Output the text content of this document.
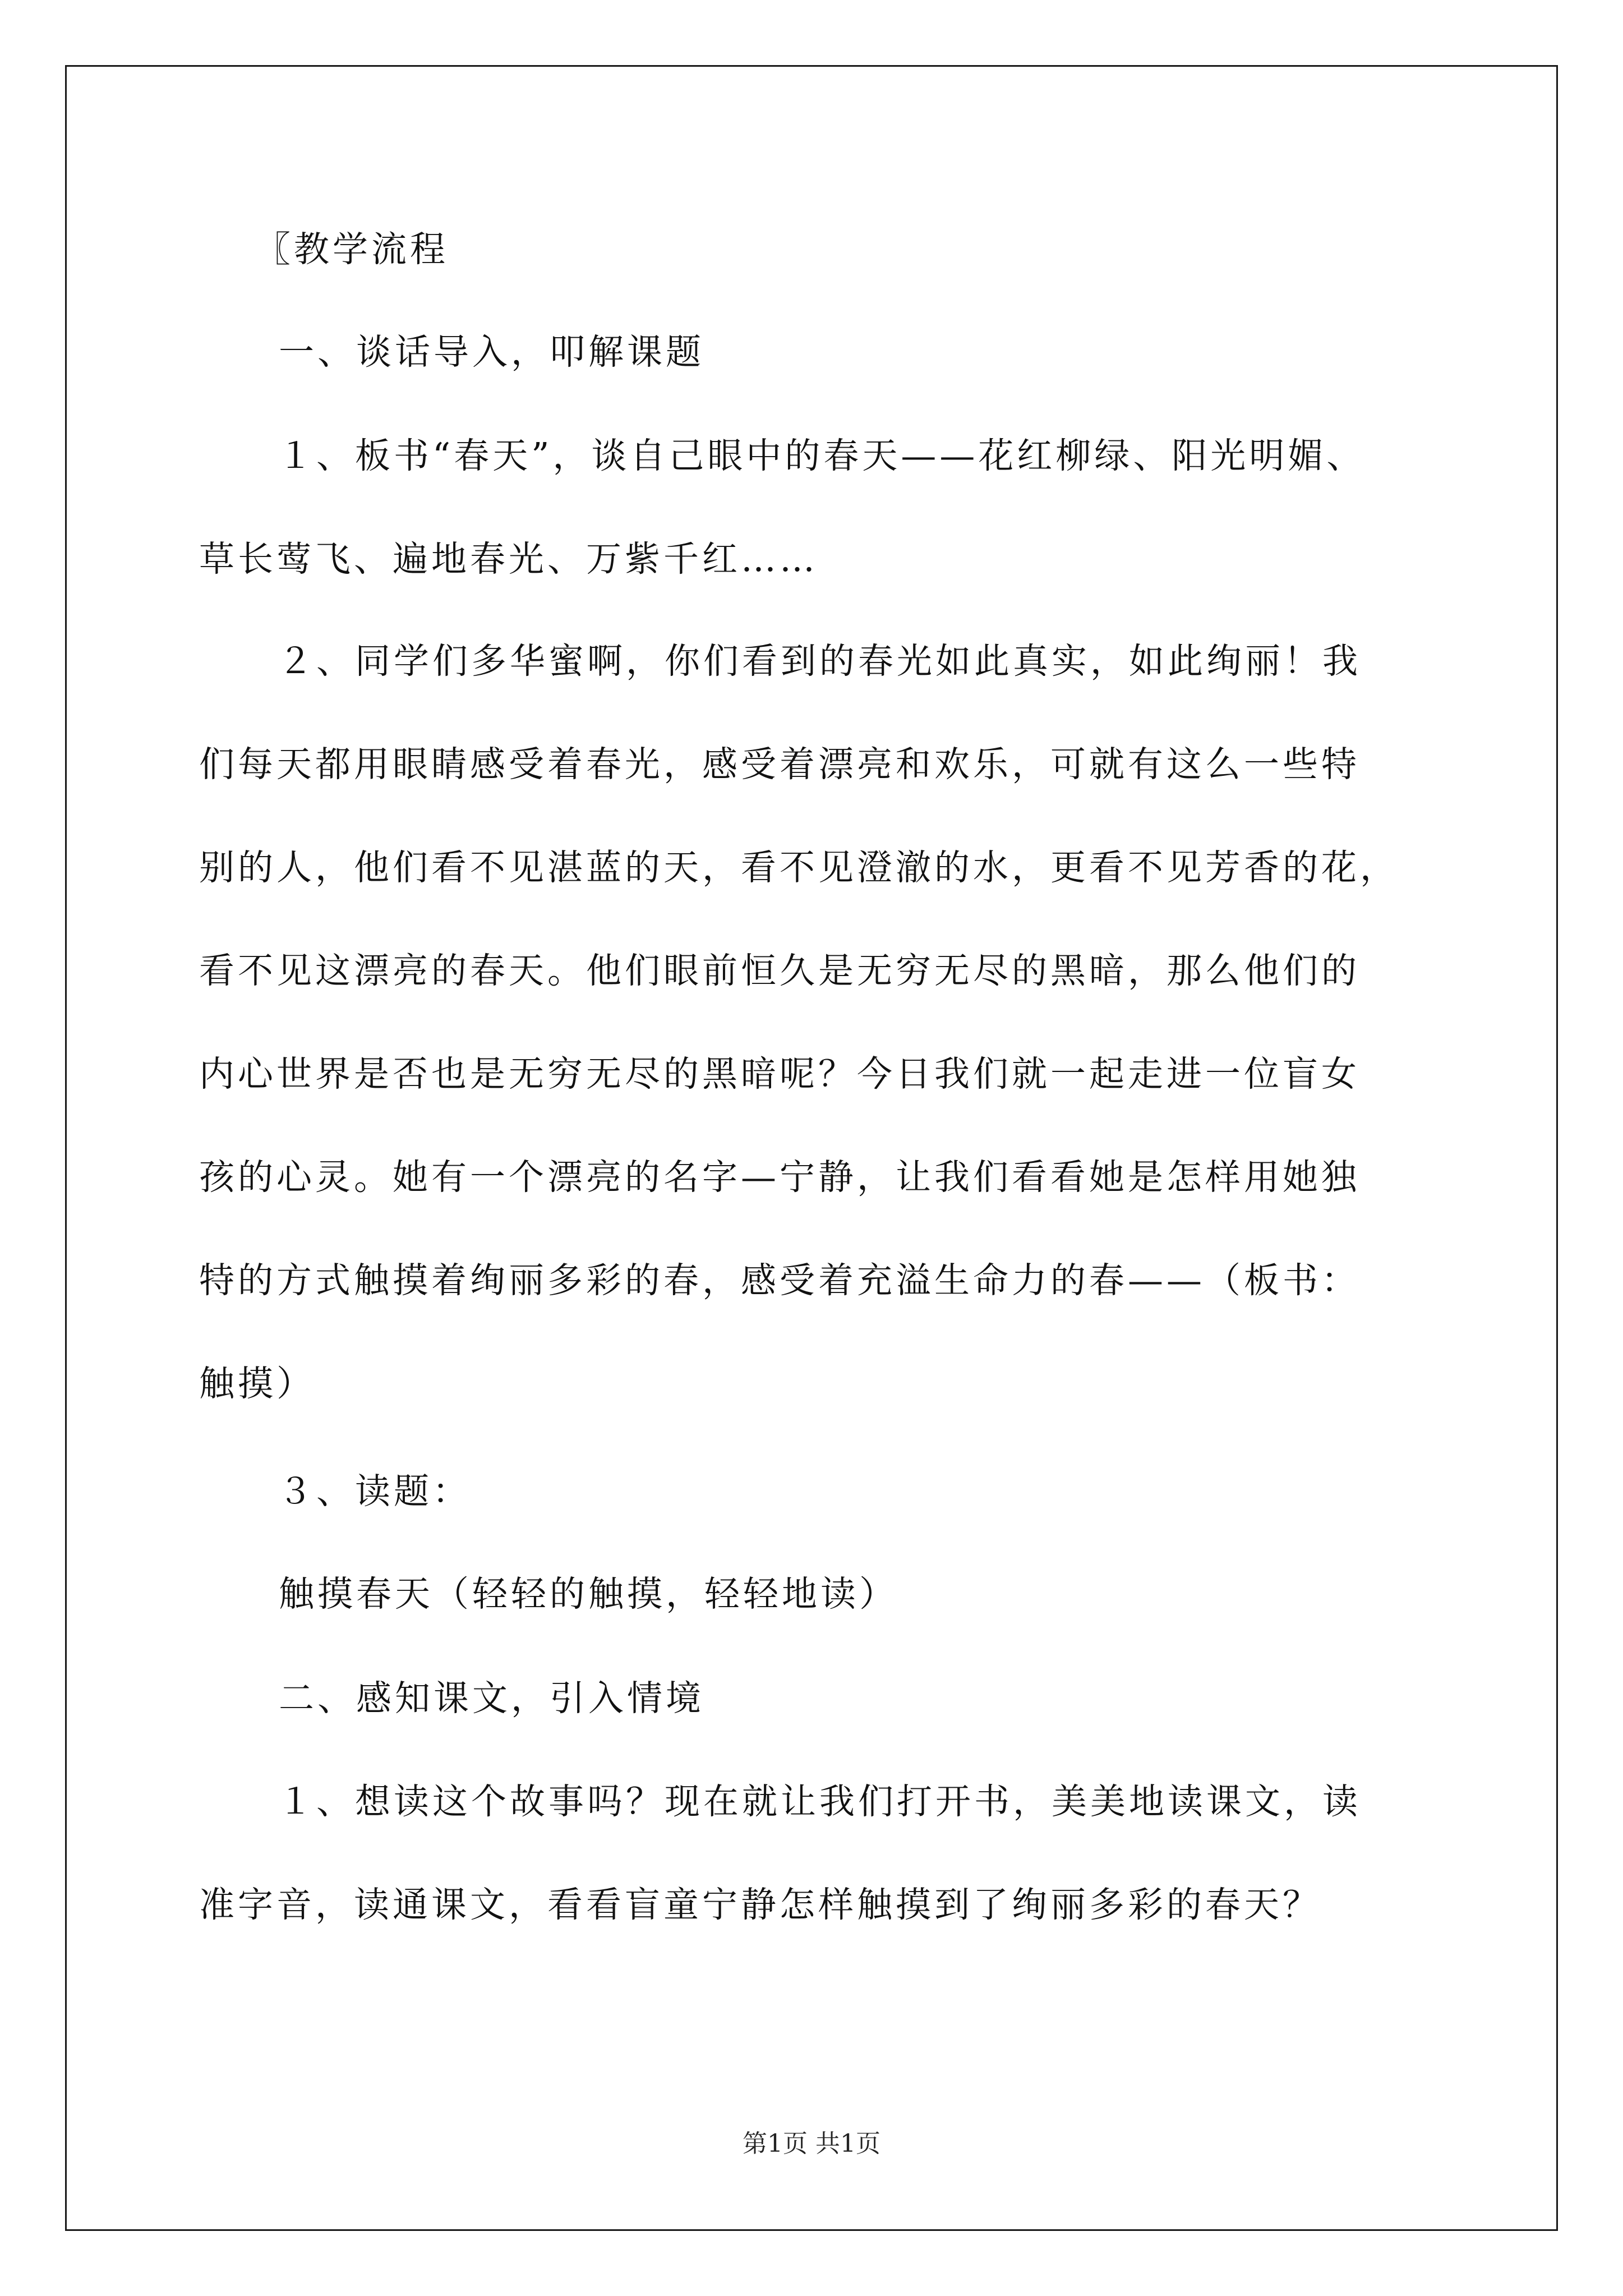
〖教学流程
一、谈话导入，叩解课题
１、板书“春天”，谈自己眼中的春天——花红柳绿、阳光明媚、
草长莺飞、遍地春光、万紫千红……
２、同学们多华蜜啊，你们看到的春光如此真实，如此绚丽！我
们每天都用眼睛感受着春光，感受着漂亮和欢乐，可就有这么一些特
别的人，他们看不见湛蓝的天，看不见澄澈的水，更看不见芳香的花，
看不见这漂亮的春天。他们眼前恒久是无穷无尽的黑暗，那么他们的
内心世界是否也是无穷无尽的黑暗呢？今日我们就一起走进一位盲女
孩的心灵。她有一个漂亮的名字—宁静，让我们看看她是怎样用她独
特的方式触摸着绚丽多彩的春，感受着充溢生命力的春——（板书：
触摸）
３、读题：
触摸春天（轻轻的触摸，轻轻地读）
二、感知课文，引入情境
１、想读这个故事吗？现在就让我们打开书，美美地读课文，读
准字音，读通课文，看看盲童宁静怎样触摸到了绚丽多彩的春天？
第1页 共1页
